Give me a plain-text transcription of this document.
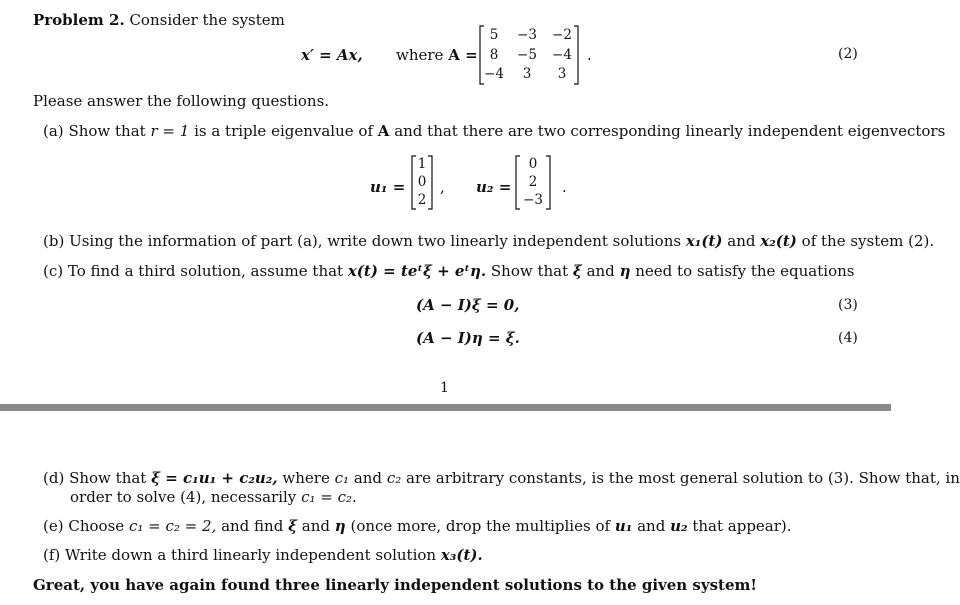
Problem 2. Consider the system
x′ = Ax, where A =
5	−3 −2
8	−5 −4
−4	3	3
.	(2)
Please answer the following questions.
(a) Show that r = 1 is a triple eigenvalue of A and that there are two corresponding linearly independent eigenvectors
u₁ =
1
0
2
, u₂ =
0
2
−3
.
(b) Using the information of part (a), write down two linearly independent solutions x₁(t) and x₂(t) of the system (2).
(c) To find a third solution, assume that x(t) = teᵗξ + eᵗη. Show that ξ and η need to satisfy the equations
(A − I)ξ = 0,	(3)
(A − I)η = ξ.	(4)
1
(d) Show that ξ = c₁u₁ + c₂u₂, where c₁ and c₂ are arbitrary constants, is the most general solution to (3). Show that, in
order to solve (4), necessarily c₁ = c₂.
(e) Choose c₁ = c₂ = 2, and find ξ and η (once more, drop the multiplies of u₁ and u₂ that appear).
(f) Write down a third linearly independent solution x₃(t).
Great, you have again found three linearly independent solutions to the given system!
